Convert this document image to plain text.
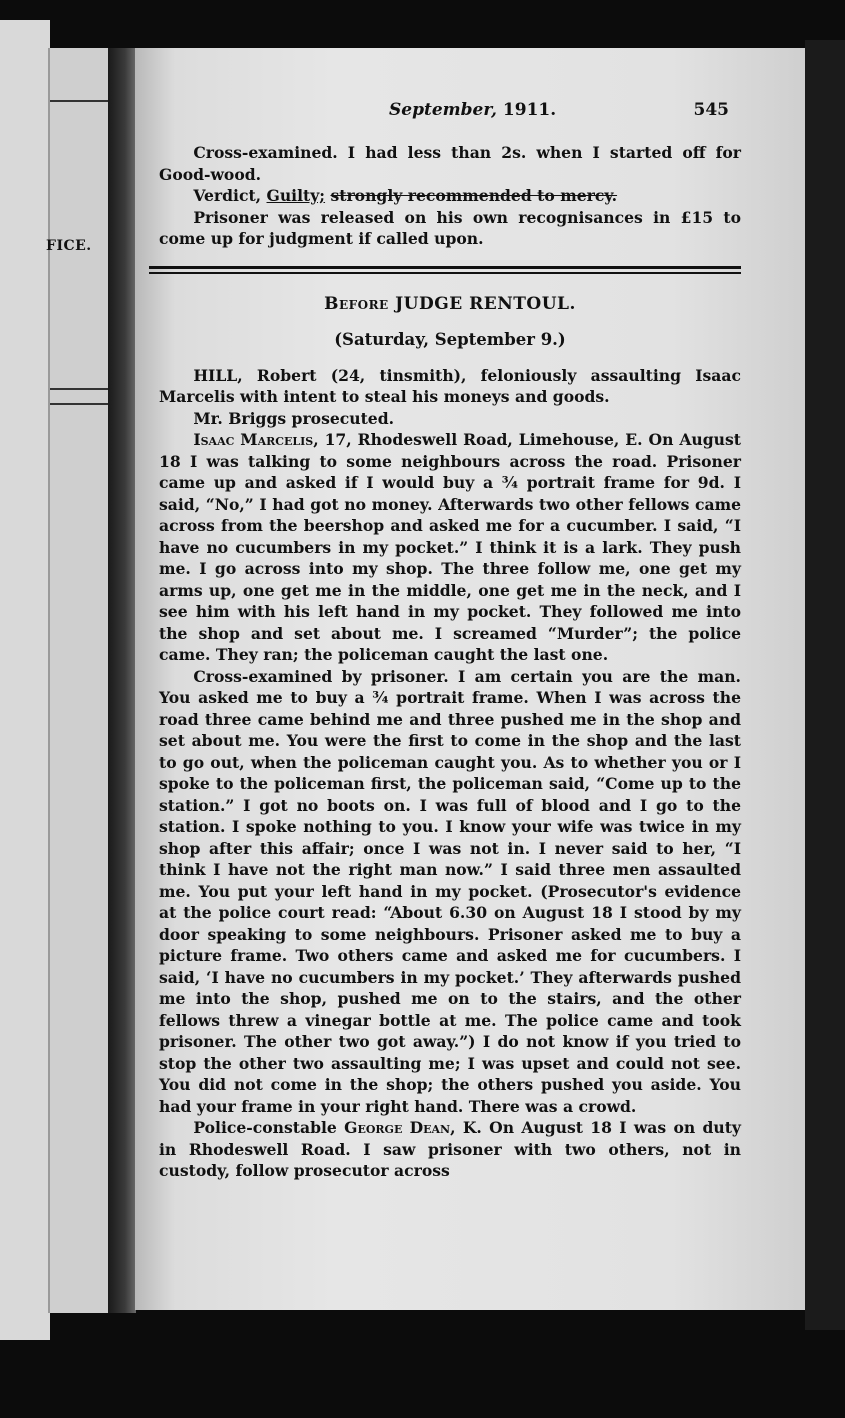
FICE.
September, 1911.	545

Cross-examined. I had less than 2s. when I started off for Good-wood.

Verdict, Guilty; strongly recommended to mercy.

Prisoner was released on his own recognisances in £15 to come up for judgment if called upon.

Before JUDGE RENTOUL.
(Saturday, September 9.)

HILL, Robert (24, tinsmith), feloniously assaulting Isaac Marcelis with intent to steal his moneys and goods.

Mr. Briggs prosecuted.

Isaac Marcelis, 17, Rhodeswell Road, Limehouse, E. On August 18 I was talking to some neighbours across the road. Prisoner came up and asked if I would buy a ¾ portrait frame for 9d. I said, “No,” I had got no money. Afterwards two other fellows came across from the beershop and asked me for a cucumber. I said, “I have no cucumbers in my pocket.” I think it is a lark. They push me. I go across into my shop. The three follow me, one get my arms up, one get me in the middle, one get me in the neck, and I see him with his left hand in my pocket. They followed me into the shop and set about me. I screamed “Murder”; the police came. They ran; the policeman caught the last one.

Cross-examined by prisoner. I am certain you are the man. You asked me to buy a ¾ portrait frame. When I was across the road three came behind me and three pushed me in the shop and set about me. You were the first to come in the shop and the last to go out, when the policeman caught you. As to whether you or I spoke to the policeman first, the policeman said, “Come up to the station.” I got no boots on. I was full of blood and I go to the station. I spoke nothing to you. I know your wife was twice in my shop after this affair; once I was not in. I never said to her, “I think I have not the right man now.” I said three men assaulted me. You put your left hand in my pocket. (Prosecutor's evidence at the police court read: “About 6.30 on August 18 I stood by my door speaking to some neighbours. Prisoner asked me to buy a picture frame. Two others came and asked me for cucumbers. I said, ‘I have no cucumbers in my pocket.’ They afterwards pushed me into the shop, pushed me on to the stairs, and the other fellows threw a vinegar bottle at me. The police came and took prisoner. The other two got away.”) I do not know if you tried to stop the other two assaulting me; I was upset and could not see. You did not come in the shop; the others pushed you aside. You had your frame in your right hand. There was a crowd.

Police-constable George Dean, K. On August 18 I was on duty in Rhodeswell Road. I saw prisoner with two others, not in custody, follow prosecutor across
